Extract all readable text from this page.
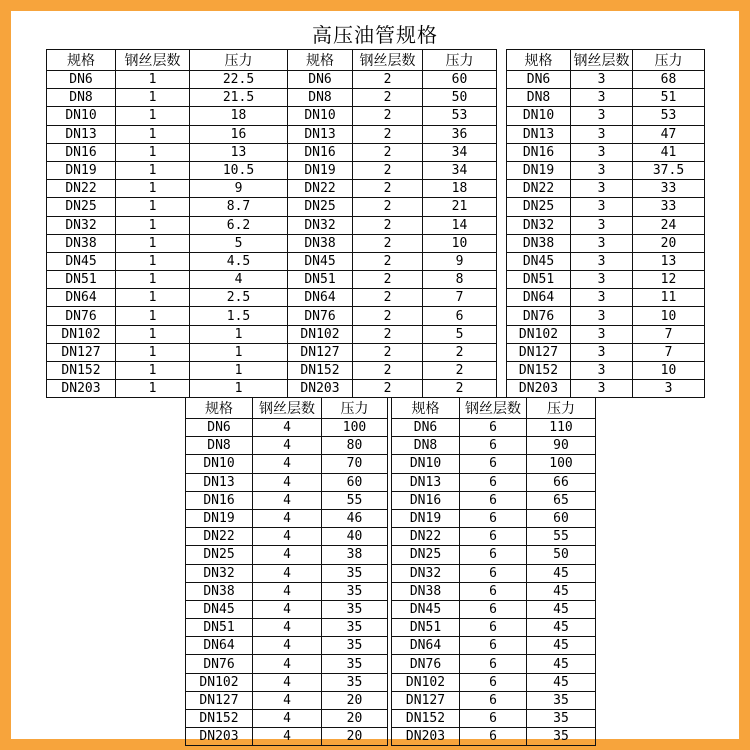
高压油管规格
规格	钢丝层数	压力
DN6	1	22.5
DN8	1	21.5
DN10	1	18
DN13	1	16
DN16	1	13
DN19	1	10.5
DN22	1	9
DN25	1	8.7
DN32	1	6.2
DN38	1	5
DN45	1	4.5
DN51	1	4
DN64	1	2.5
DN76	1	1.5
DN102	1	1
DN127	1	1
DN152	1	1
DN203	1	1
规格	钢丝层数	压力
DN6	2	60
DN8	2	50
DN10	2	53
DN13	2	36
DN16	2	34
DN19	2	34
DN22	2	18
DN25	2	21
DN32	2	14
DN38	2	10
DN45	2	9
DN51	2	8
DN64	2	7
DN76	2	6
DN102	2	5
DN127	2	2
DN152	2	2
DN203	2	2
规格	钢丝层数	压力
DN6	3	68
DN8	3	51
DN10	3	53
DN13	3	47
DN16	3	41
DN19	3	37.5
DN22	3	33
DN25	3	33
DN32	3	24
DN38	3	20
DN45	3	13
DN51	3	12
DN64	3	11
DN76	3	10
DN102	3	7
DN127	3	7
DN152	3	10
DN203	3	3
规格	钢丝层数	压力
DN6	4	100
DN8	4	80
DN10	4	70
DN13	4	60
DN16	4	55
DN19	4	46
DN22	4	40
DN25	4	38
DN32	4	35
DN38	4	35
DN45	4	35
DN51	4	35
DN64	4	35
DN76	4	35
DN102	4	35
DN127	4	20
DN152	4	20
DN203	4	20
规格	钢丝层数	压力
DN6	6	110
DN8	6	90
DN10	6	100
DN13	6	66
DN16	6	65
DN19	6	60
DN22	6	55
DN25	6	50
DN32	6	45
DN38	6	45
DN45	6	45
DN51	6	45
DN64	6	45
DN76	6	45
DN102	6	45
DN127	6	35
DN152	6	35
DN203	6	35
